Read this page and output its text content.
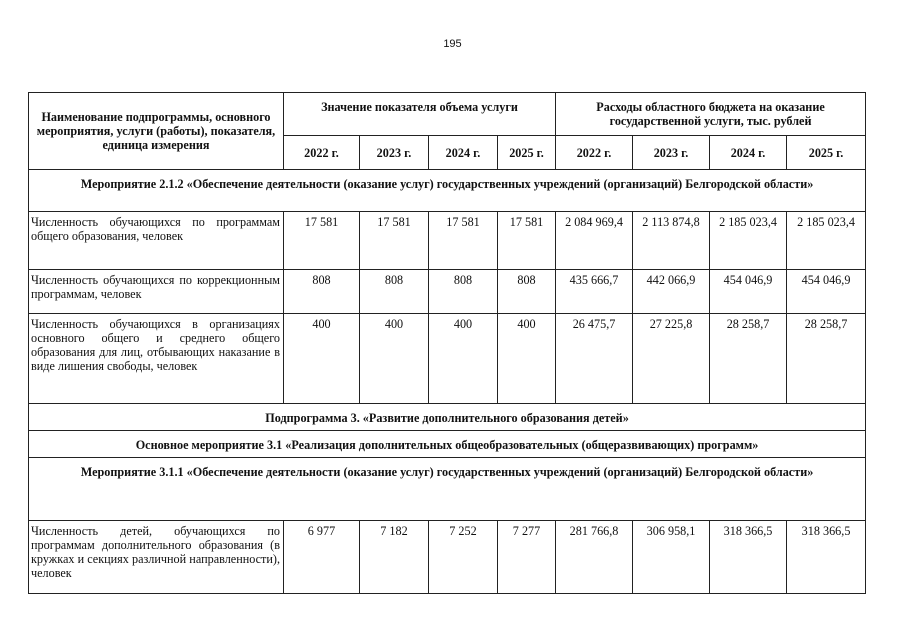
195
Наименование подпрограммы, основного мероприятия, услуги (работы), показателя, единица измерения	Значение показателя объема услуги				Расходы областного бюджета на оказание государственной услуги, тыс. рублей			
	2022 г.	2023 г.	2024 г.	2025 г.	2022 г.	2023 г.	2024 г.	2025 г.
Мероприятие 2.1.2 «Обеспечение деятельности (оказание услуг) государственных учреждений (организаций) Белгородской области»								
Численность обучающихся по программам общего образования, человек	17 581	17 581	17 581	17 581	2 084 969,4	2 113 874,8	2 185 023,4	2 185 023,4
Численность обучающихся по коррекционным программам, человек	808	808	808	808	435 666,7	442 066,9	454 046,9	454 046,9
Численность обучающихся в организациях основного общего и среднего общего образования для лиц, отбывающих наказание в виде лишения свободы, человек	400	400	400	400	26 475,7	27 225,8	28 258,7	28 258,7
Подпрограмма 3. «Развитие дополнительного образования детей»								
Основное мероприятие 3.1 «Реализация дополнительных общеобразовательных (общеразвивающих) программ»								
Мероприятие 3.1.1 «Обеспечение деятельности (оказание услуг) государственных учреждений (организаций) Белгородской области»								
Численность детей, обучающихся по программам дополнительного образования (в кружках и секциях различной направленности), человек	6 977	7 182	7 252	7 277	281 766,8	306 958,1	318 366,5	318 366,5
